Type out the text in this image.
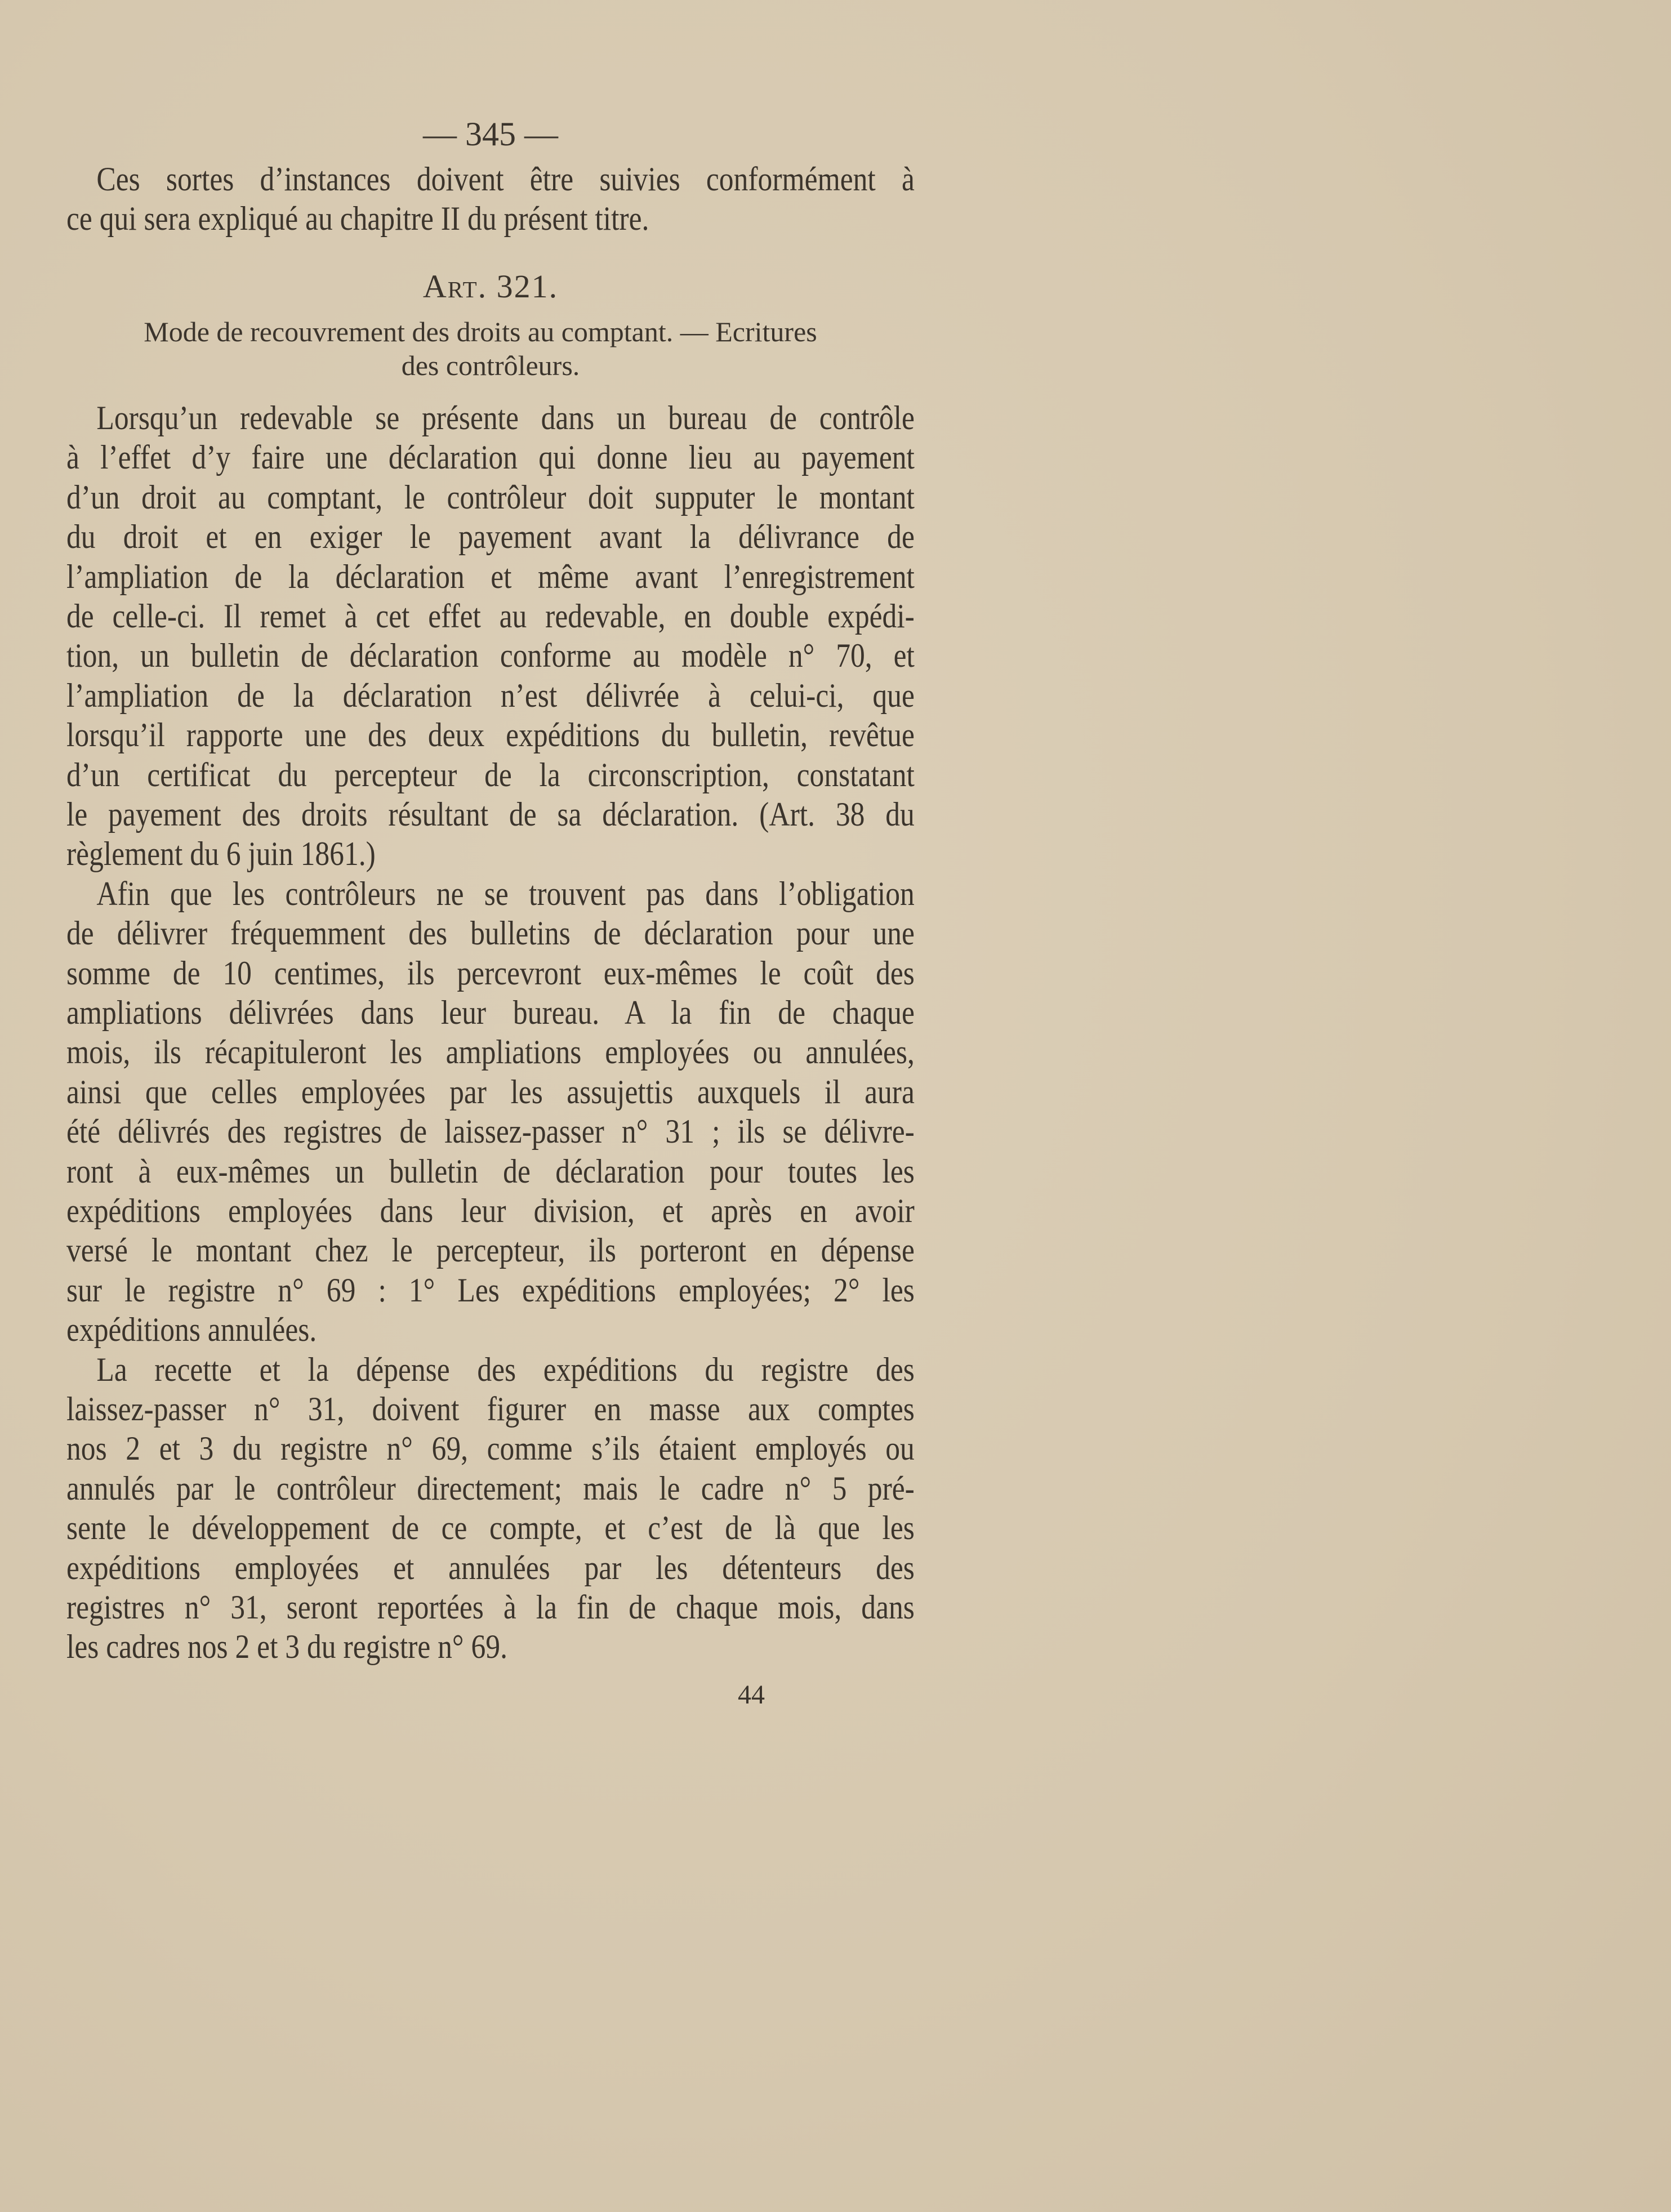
— 345 —
Ces sortes d’instances doivent être suivies conformément à
ce qui sera expliqué au chapitre II du présent titre.
Art. 321.
Mode de recouvrement des droits au comptant. — Ecritures
des contrôleurs.
Lorsqu’un redevable se présente dans un bureau de contrôle
à l’effet d’y faire une déclaration qui donne lieu au payement
d’un droit au comptant, le contrôleur doit supputer le montant
du droit et en exiger le payement avant la délivrance de
l’ampliation de la déclaration et même avant l’enregistrement
de celle-ci. Il remet à cet effet au redevable, en double expédi-
tion, un bulletin de déclaration conforme au modèle n° 70, et
l’ampliation de la déclaration n’est délivrée à celui-ci, que
lorsqu’il rapporte une des deux expéditions du bulletin, revêtue
d’un certificat du percepteur de la circonscription, constatant
le payement des droits résultant de sa déclaration. (Art. 38 du
règlement du 6 juin 1861.)
Afin que les contrôleurs ne se trouvent pas dans l’obligation
de délivrer fréquemment des bulletins de déclaration pour une
somme de 10 centimes, ils percevront eux-mêmes le coût des
ampliations délivrées dans leur bureau. A la fin de chaque
mois, ils récapituleront les ampliations employées ou annulées,
ainsi que celles employées par les assujettis auxquels il aura
été délivrés des registres de laissez-passer n° 31 ; ils se délivre-
ront à eux-mêmes un bulletin de déclaration pour toutes les
expéditions employées dans leur division, et après en avoir
versé le montant chez le percepteur, ils porteront en dépense
sur le registre n° 69 : 1° Les expéditions employées; 2° les
expéditions annulées.
La recette et la dépense des expéditions du registre des
laissez-passer n° 31, doivent figurer en masse aux comptes
nos 2 et 3 du registre n° 69, comme s’ils étaient employés ou
annulés par le contrôleur directement; mais le cadre n° 5 pré-
sente le développement de ce compte, et c’est de là que les
expéditions employées et annulées par les détenteurs des
registres n° 31, seront reportées à la fin de chaque mois, dans
les cadres nos 2 et 3 du registre n° 69.
44
